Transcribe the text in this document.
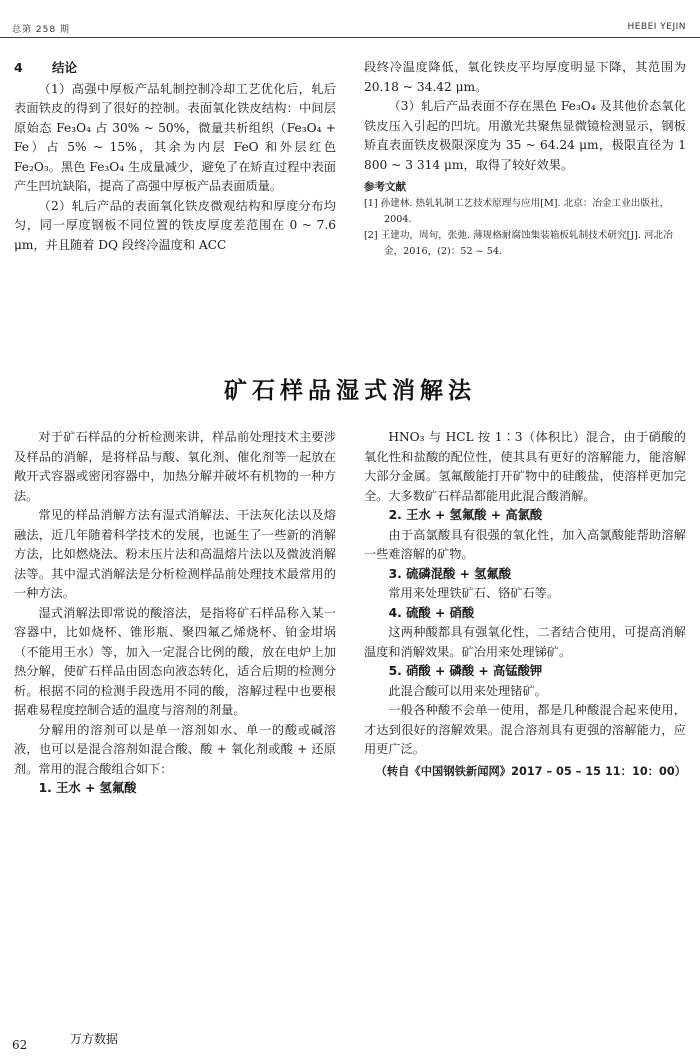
总第 258 期	HEBEI YEJIN
4 结论

（1）高强中厚板产品轧制控制冷却工艺优化后，轧后表面铁皮的得到了很好的控制。表面氧化铁皮结构：中间层原始态 Fe₃O₄ 占 30% ~ 50%，微量共析组织（Fe₃O₄ + Fe）占 5% ~ 15%，其余为内层 FeO 和外层红色 Fe₂O₃。黑色 Fe₃O₄ 生成量减少，避免了在矫直过程中表面产生凹坑缺陷，提高了高强中厚板产品表面质量。

（2）轧后产品的表面氧化铁皮微观结构和厚度分布均匀，同一厚度钢板不同位置的铁皮厚度差范围在 0 ~ 7.6 μm，并且随着 DQ 段终冷温度和 ACC

段终冷温度降低，氧化铁皮平均厚度明显下降，其范围为 20.18 ~ 34.42 μm。

（3）轧后产品表面不存在黑色 Fe₃O₄ 及其他价态氧化铁皮压入引起的凹坑。用激光共聚焦显微镜检测显示，钢板矫直表面铁皮极限深度为 35 ~ 64.24 μm，极限直径为 1 800 ~ 3 314 μm，取得了较好效果。

参考文献
[1] 孙建林. 热轧轧制工艺技术原理与应用[M]. 北京：冶金工业出版社，2004.
[2] 王建功，周旬，张弛. 薄规格耐腐蚀集装箱板轧制技术研究[J]. 河北冶金，2016，(2)：52 ~ 54.
矿石样品湿式消解法

对于矿石样品的分析检测来讲，样品前处理技术主要涉及样品的消解，是将样品与酸、氧化剂、催化剂等一起放在敞开式容器或密闭容器中，加热分解并破坏有机物的一种方法。

常见的样品消解方法有湿式消解法、干法灰化法以及熔融法，近几年随着科学技术的发展，也诞生了一些新的消解方法，比如燃烧法、粉末压片法和高温熔片法以及微波消解法等。其中湿式消解法是分析检测样品前处理技术最常用的一种方法。

湿式消解法即常说的酸溶法，是指将矿石样品称入某一容器中，比如烧杯、锥形瓶、聚四氟乙烯烧杯、铂金坩埚（不能用王水）等，加入一定混合比例的酸，放在电炉上加热分解，使矿石样品由固态向液态转化，适合后期的检测分析。根据不同的检测手段选用不同的酸，溶解过程中也要根据难易程度控制合适的温度与溶剂的剂量。

分解用的溶剂可以是单一溶剂如水、单一的酸或碱溶液，也可以是混合溶剂如混合酸、酸 + 氧化剂或酸 + 还原剂。常用的混合酸组合如下：

1. 王水 + 氢氟酸

HNO₃ 与 HCL 按 1∶3（体积比）混合，由于硝酸的氧化性和盐酸的配位性，使其具有更好的溶解能力，能溶解大部分金属。氢氟酸能打开矿物中的硅酸盐，使溶样更加完全。大多数矿石样品都能用此混合酸消解。

2. 王水 + 氢氟酸 + 高氯酸

由于高氯酸具有很强的氧化性，加入高氯酸能帮助溶解一些难溶解的矿物。

3. 硫磷混酸 + 氢氟酸

常用来处理铁矿石、铬矿石等。

4. 硫酸 + 硝酸

这两种酸都具有强氧化性，二者结合使用，可提高消解温度和消解效果。矿冶用来处理锑矿。

5. 硝酸 + 磷酸 + 高锰酸钾

此混合酸可以用来处理锗矿。

一般各种酸不会单一使用，都是几种酸混合起来使用，才达到很好的溶解效果。混合溶剂具有更强的溶解能力，应用更广泛。

（转自《中国钢铁新闻网》2017 – 05 – 15 11：10：00）
62	万方数据
